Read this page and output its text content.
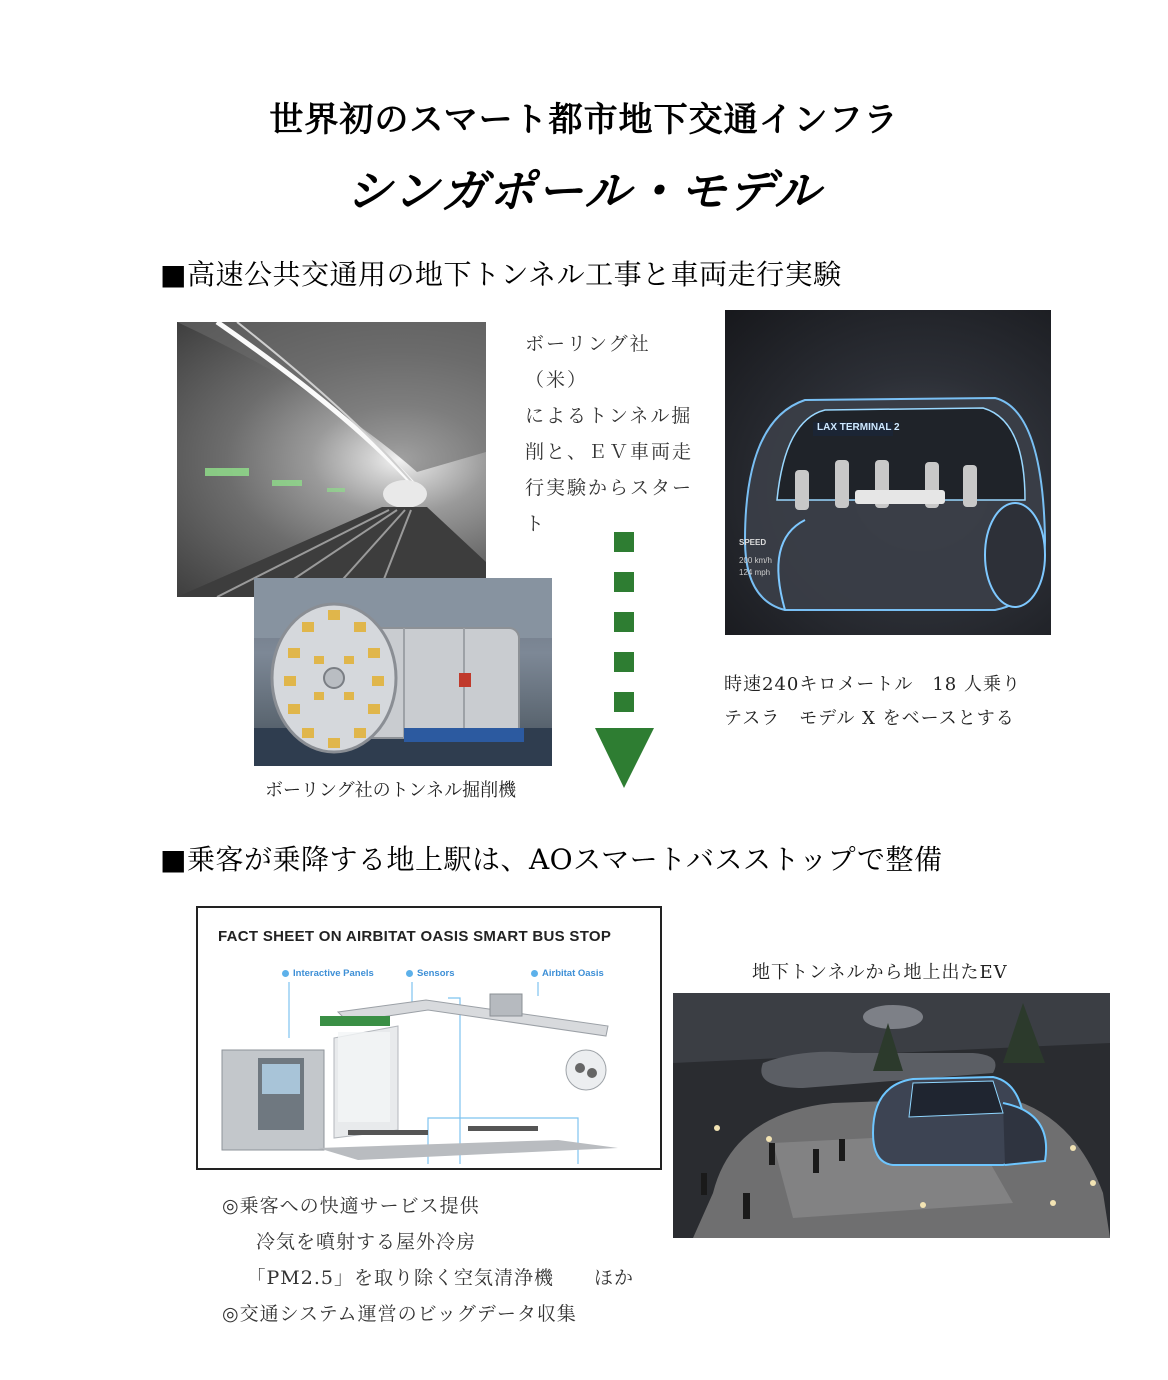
世界初のスマート都市地下交通インフラ
シンガポール・モデル
■高速公共交通用の地下トンネル工事と車両走行実験
ボーリング社のトンネル掘削機
ボーリング社（米）
によるトンネル掘
削と、ＥＶ車両走
行実験からスター
ト
LAX TERMINAL 2
SPEED
200 km/h
124 mph
時速240キロメートル　18 人乗り
テスラ　モデル X をベースとする
■乗客が乗降する地上駅は、AOスマートバスストップで整備
FACT SHEET ON AIRBITAT OASIS SMART BUS STOP
Interactive Panels	Sensors	Airbitat Oasis	地下トンネルから地上出たEV
◎乗客への快適サービス提供
　冷気を噴射する屋外冷房
　「PM2.5」を取り除く空気清浄機　　ほか
◎交通システム運営のビッグデータ収集
